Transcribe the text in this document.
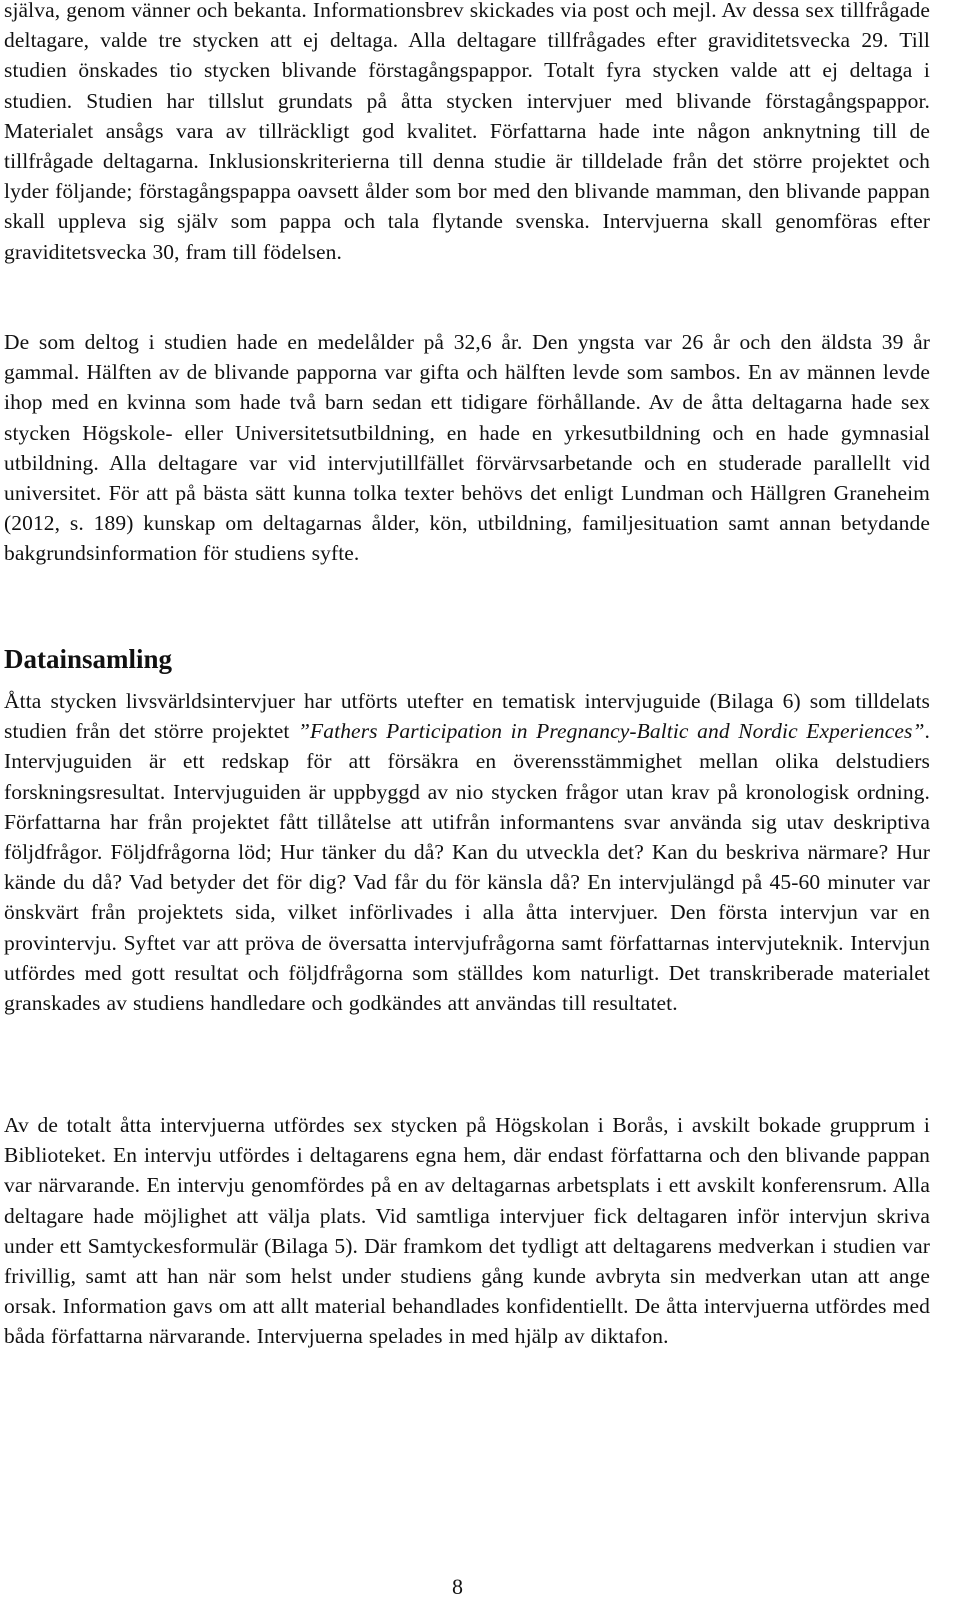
själva, genom vänner och bekanta. Informationsbrev skickades via post och mejl. Av dessa sex tillfrågade deltagare, valde tre stycken att ej deltaga. Alla deltagare tillfrågades efter graviditetsvecka 29. Till studien önskades tio stycken blivande förstagångspappor. Totalt fyra stycken valde att ej deltaga i studien. Studien har tillslut grundats på åtta stycken intervjuer med blivande förstagångspappor. Materialet ansågs vara av tillräckligt god kvalitet. Författarna hade inte någon anknytning till de tillfrågade deltagarna. Inklusionskriterierna till denna studie är tilldelade från det större projektet och lyder följande; förstagångspappa oavsett ålder som bor med den blivande mamman, den blivande pappan skall uppleva sig själv som pappa och tala flytande svenska. Intervjuerna skall genomföras efter graviditetsvecka 30, fram till födelsen.

De som deltog i studien hade en medelålder på 32,6 år. Den yngsta var 26 år och den äldsta 39 år gammal. Hälften av de blivande papporna var gifta och hälften levde som sambos. En av männen levde ihop med en kvinna som hade två barn sedan ett tidigare förhållande. Av de åtta deltagarna hade sex stycken Högskole- eller Universitetsutbildning, en hade en yrkesutbildning och en hade gymnasial utbildning. Alla deltagare var vid intervjutillfället förvärvsarbetande och en studerade parallellt vid universitet. För att på bästa sätt kunna tolka texter behövs det enligt Lundman och Hällgren Graneheim (2012, s. 189) kunskap om deltagarnas ålder, kön, utbildning, familjesituation samt annan betydande bakgrundsinformation för studiens syfte.

Datainsamling

Åtta stycken livsvärldsintervjuer har utförts utefter en tematisk intervjuguide (Bilaga 6) som tilldelats studien från det större projektet ”Fathers Participation in Pregnancy-Baltic and Nordic Experiences”. Intervjuguiden är ett redskap för att försäkra en överensstämmighet mellan olika delstudiers forskningsresultat. Intervjuguiden är uppbyggd av nio stycken frågor utan krav på kronologisk ordning. Författarna har från projektet fått tillåtelse att utifrån informantens svar använda sig utav deskriptiva följdfrågor. Följdfrågorna löd; Hur tänker du då? Kan du utveckla det? Kan du beskriva närmare? Hur kände du då? Vad betyder det för dig? Vad får du för känsla då? En intervjulängd på 45-60 minuter var önskvärt från projektets sida, vilket införlivades i alla åtta intervjuer. Den första intervjun var en provintervju. Syftet var att pröva de översatta intervjufrågorna samt författarnas intervjuteknik. Intervjun utfördes med gott resultat och följdfrågorna som ställdes kom naturligt. Det transkriberade materialet granskades av studiens handledare och godkändes att användas till resultatet.

Av de totalt åtta intervjuerna utfördes sex stycken på Högskolan i Borås, i avskilt bokade grupprum i Biblioteket. En intervju utfördes i deltagarens egna hem, där endast författarna och den blivande pappan var närvarande. En intervju genomfördes på en av deltagarnas arbetsplats i ett avskilt konferensrum. Alla deltagare hade möjlighet att välja plats. Vid samtliga intervjuer fick deltagaren inför intervjun skriva under ett Samtyckesformulär (Bilaga 5). Där framkom det tydligt att deltagarens medverkan i studien var frivillig, samt att han när som helst under studiens gång kunde avbryta sin medverkan utan att ange orsak. Information gavs om att allt material behandlades konfidentiellt. De åtta intervjuerna utfördes med båda författarna närvarande. Intervjuerna spelades in med hjälp av diktafon.

8
